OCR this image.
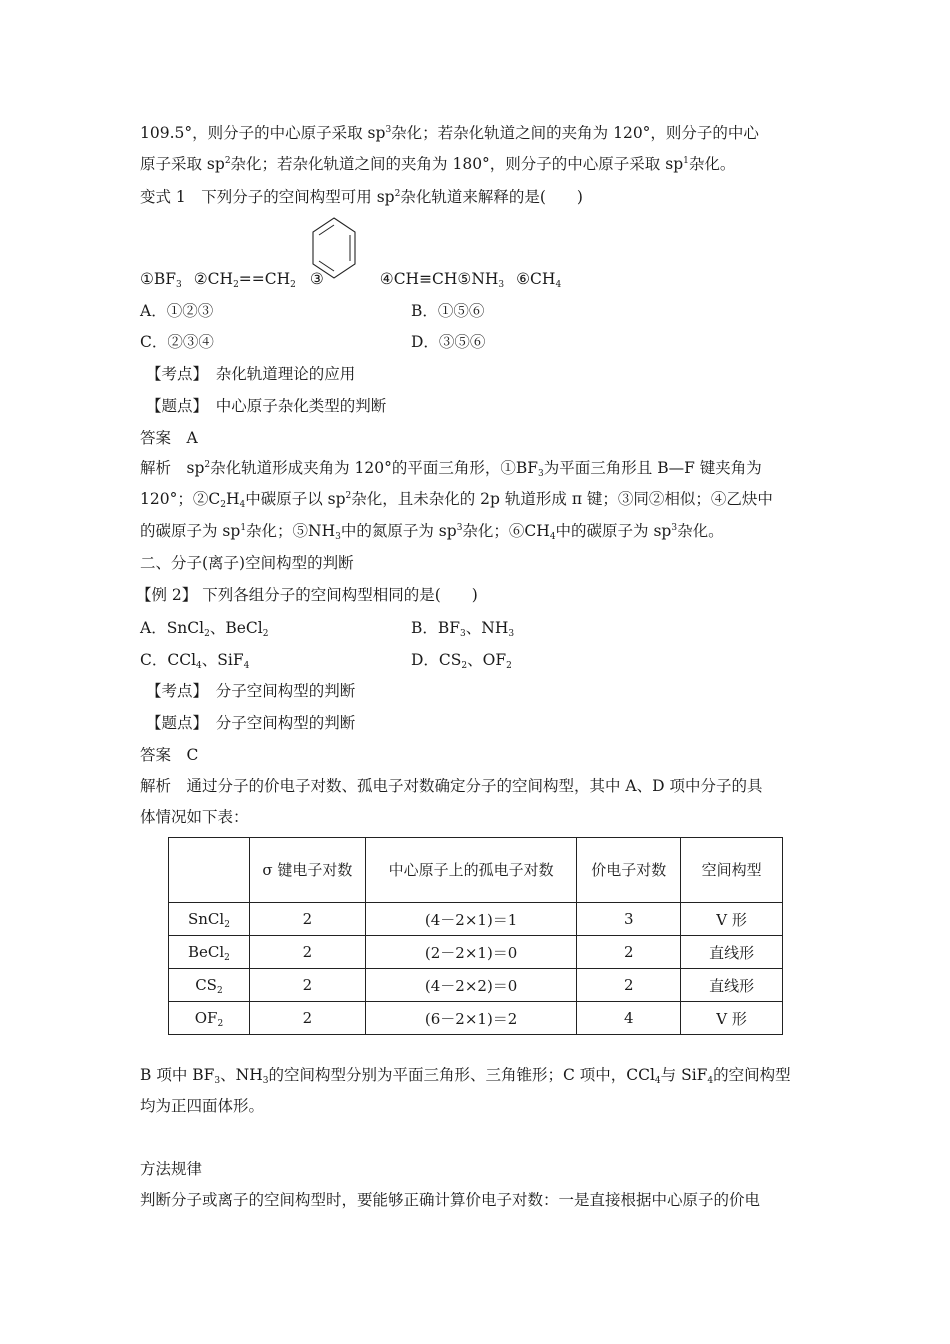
109.5°，则分子的中心原子采取 $sp^3$杂化；若杂化轨道之间的夹角为 120°，则分子的中心
原子采取 $sp^2$杂化；若杂化轨道之间的夹角为 180°，则分子的中心原子采取 $sp^1$杂化。
变式 1　下列分子的空间构型可用 $sp^2$杂化轨道来解释的是(　　)
$①BF_3$ $②CH_2==CH_2$ ③	$④CH\equiv CH⑤NH_3$ $⑥CH_4$
A．①②③	B．①⑤⑥
C．②③④	D．③⑤⑥
【考点】　杂化轨道理论的应用
【题点】　中心原子杂化类型的判断
答案　A
解析　$sp^2$杂化轨道形成夹角为 120°的平面三角形，$①BF_3$为平面三角形且 B—F 键夹角为
120°；$②C_2H_4$中碳原子以 $sp^2$杂化，且未杂化的 2p 轨道形成 π 键；③同②相似；④乙炔中
的碳原子为 $sp^1$杂化；$⑤NH_3$中的氮原子为 $sp^3$杂化；$⑥CH_4$中的碳原子为 $sp^3$杂化。
二、分子(离子)空间构型的判断
【例 2】 下列各组分子的空间构型相同的是(　　)
A．SnCl$_2$、BeCl$_2$	B．$BF_3$、$NH_3$
C．CCl$_4$、SiF$_4$	D．$CS_2$、$OF_2$
【考点】　分子空间构型的判断
【题点】　分子空间构型的判断
答案　C
解析　通过分子的价电子对数、孤电子对数确定分子的空间构型，其中 A、D 项中分子的具
体情况如下表：

	σ 键电子对数	中心原子上的孤电子对数	价电子对数	空间构型
SnCl$_2$	2	(4－2×1)＝1	3	V 形
BeCl$_2$	2	(2－2×1)＝0	2	直线形
$CS_2$	2	(4－2×2)＝0	2	直线形
$OF_2$	2	(6－2×1)＝2	4	V 形
B 项中 $BF_3$、$NH_3$的空间构型分别为平面三角形、三角锥形；C 项中，CCl$_4$与 SiF$_4$的空间构型
均为正四面体形。
方法规律
判断分子或离子的空间构型时，要能够正确计算价电子对数：一是直接根据中心原子的价电
